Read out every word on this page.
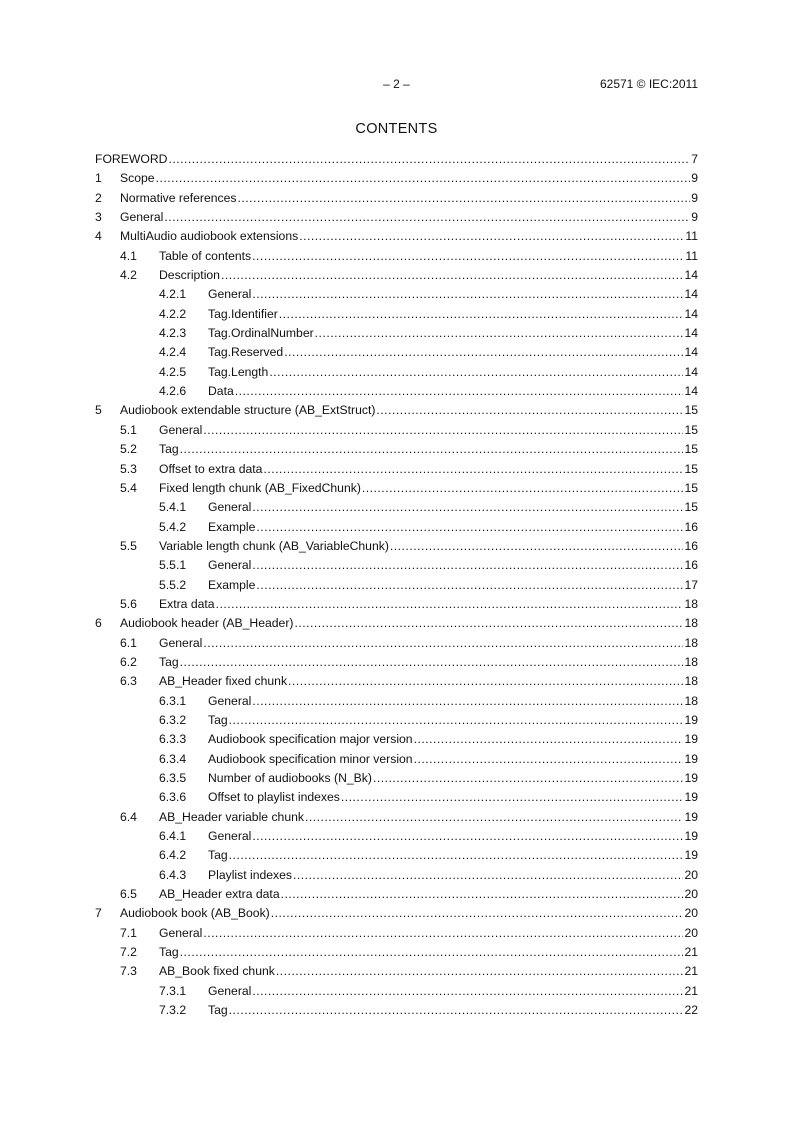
– 2 –	62571 © IEC:2011
CONTENTS
FOREWORD .....	7
1	Scope .....	9
2	Normative references .....	9
3	General .....	9
4	MultiAudio audiobook extensions .....	11
4.1	Table of contents .....	11
4.2	Description .....	14
4.2.1	General .....	14
4.2.2	Tag.Identifier .....	14
4.2.3	Tag.OrdinalNumber .....	14
4.2.4	Tag.Reserved .....	14
4.2.5	Tag.Length .....	14
4.2.6	Data .....	14
5	Audiobook extendable structure (AB_ExtStruct) .....	15
5.1	General .....	15
5.2	Tag .....	15
5.3	Offset to extra data .....	15
5.4	Fixed length chunk (AB_FixedChunk) .....	15
5.4.1	General .....	15
5.4.2	Example .....	16
5.5	Variable length chunk (AB_VariableChunk) .....	16
5.5.1	General .....	16
5.5.2	Example .....	17
5.6	Extra data .....	18
6	Audiobook header (AB_Header) .....	18
6.1	General .....	18
6.2	Tag .....	18
6.3	AB_Header fixed chunk .....	18
6.3.1	General .....	18
6.3.2	Tag .....	19
6.3.3	Audiobook specification major version .....	19
6.3.4	Audiobook specification minor version .....	19
6.3.5	Number of audiobooks (N_Bk) .....	19
6.3.6	Offset to playlist indexes .....	19
6.4	AB_Header variable chunk .....	19
6.4.1	General .....	19
6.4.2	Tag .....	19
6.4.3	Playlist indexes .....	20
6.5	AB_Header extra data .....	20
7	Audiobook book (AB_Book) .....	20
7.1	General .....	20
7.2	Tag .....	21
7.3	AB_Book fixed chunk .....	21
7.3.1	General .....	21
7.3.2	Tag .....	22
